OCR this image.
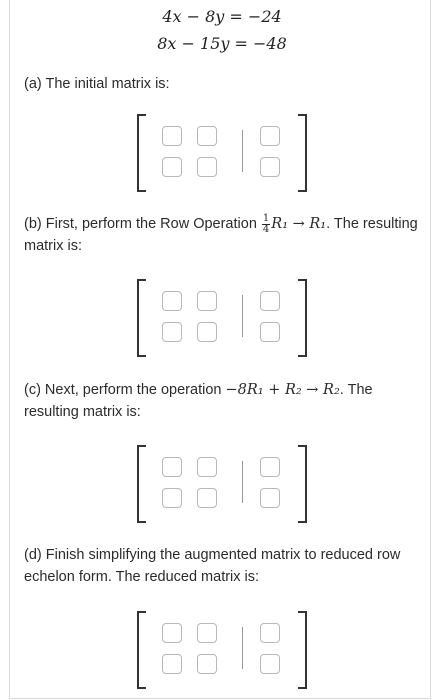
4x − 8y = −24
8x − 15y = −48
(a) The initial matrix is:
(b) First, perform the Row Operation $\frac{1}{4} R_1 \to R_1$. The resulting matrix is:
(c) Next, perform the operation −8R₁ + R₂ → R₂. The resulting matrix is:
(d) Finish simplifying the augmented matrix to reduced row echelon form. The reduced matrix is:
